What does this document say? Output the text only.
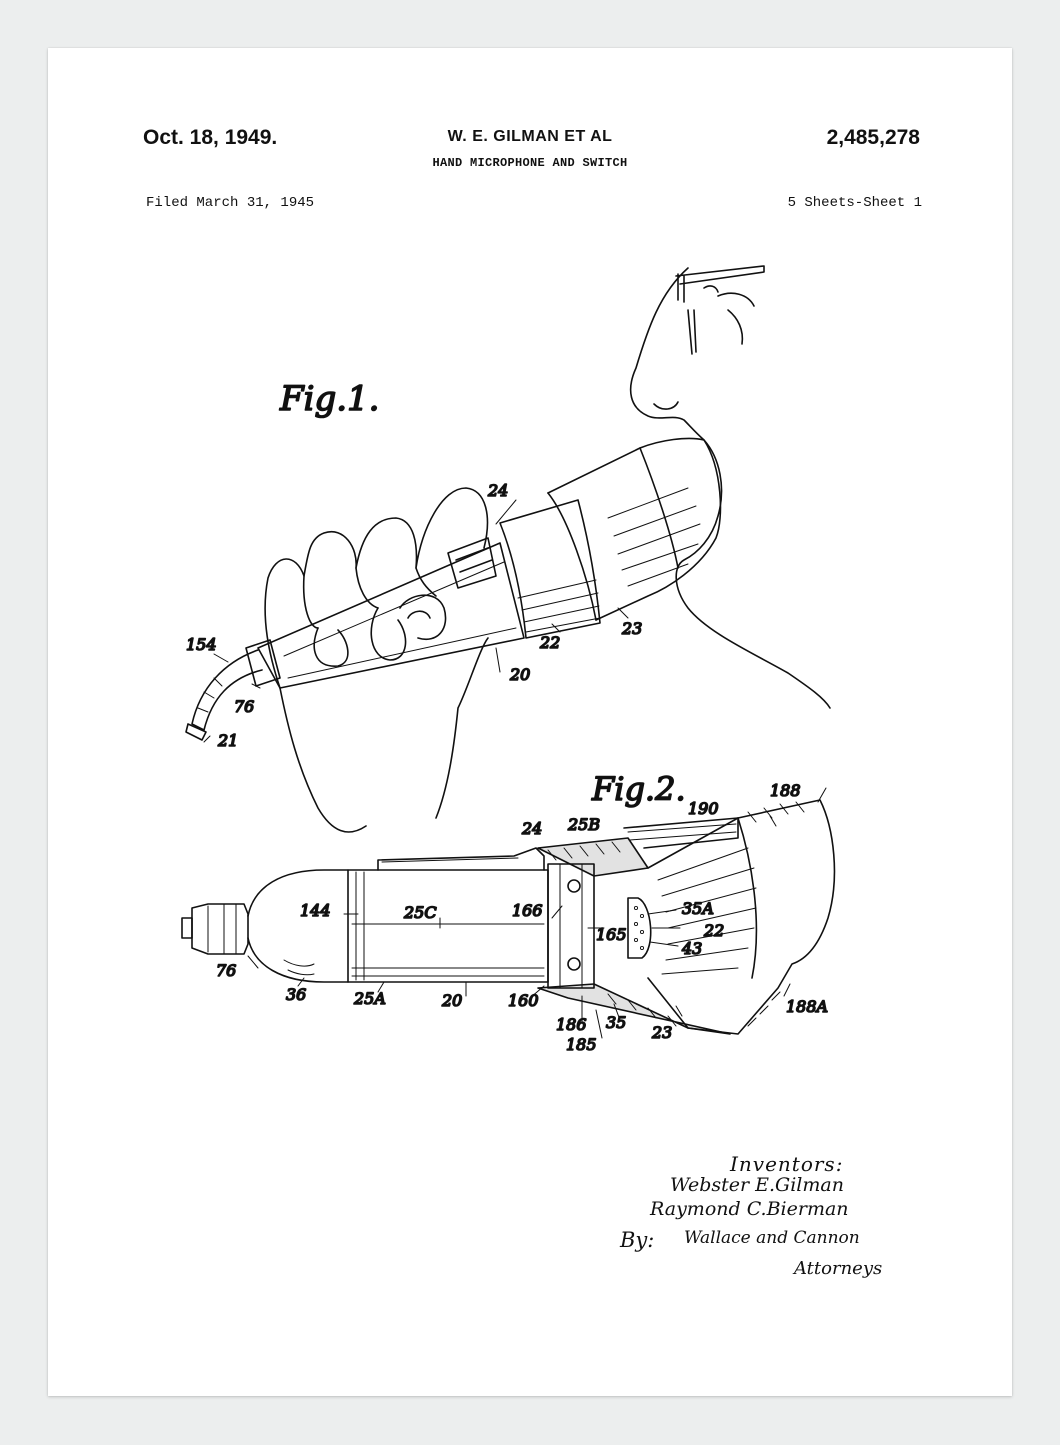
Oct. 18, 1949.	W. E. GILMAN ET AL	2,485,278
HAND MICROPHONE AND SWITCH
Filed March 31, 1945	5 Sheets-Sheet 1
Fig.1.
24
154
76
21
22
23
20
Fig.2.	188
190
24 25B
144	25C	166	35A
165	22
43
76
36	25A	20	160
186 35
23
188A
185
Inventors:
Webster E.Gilman
Raymond C.Bierman
By: Wallace and Cannon
Attorneys
